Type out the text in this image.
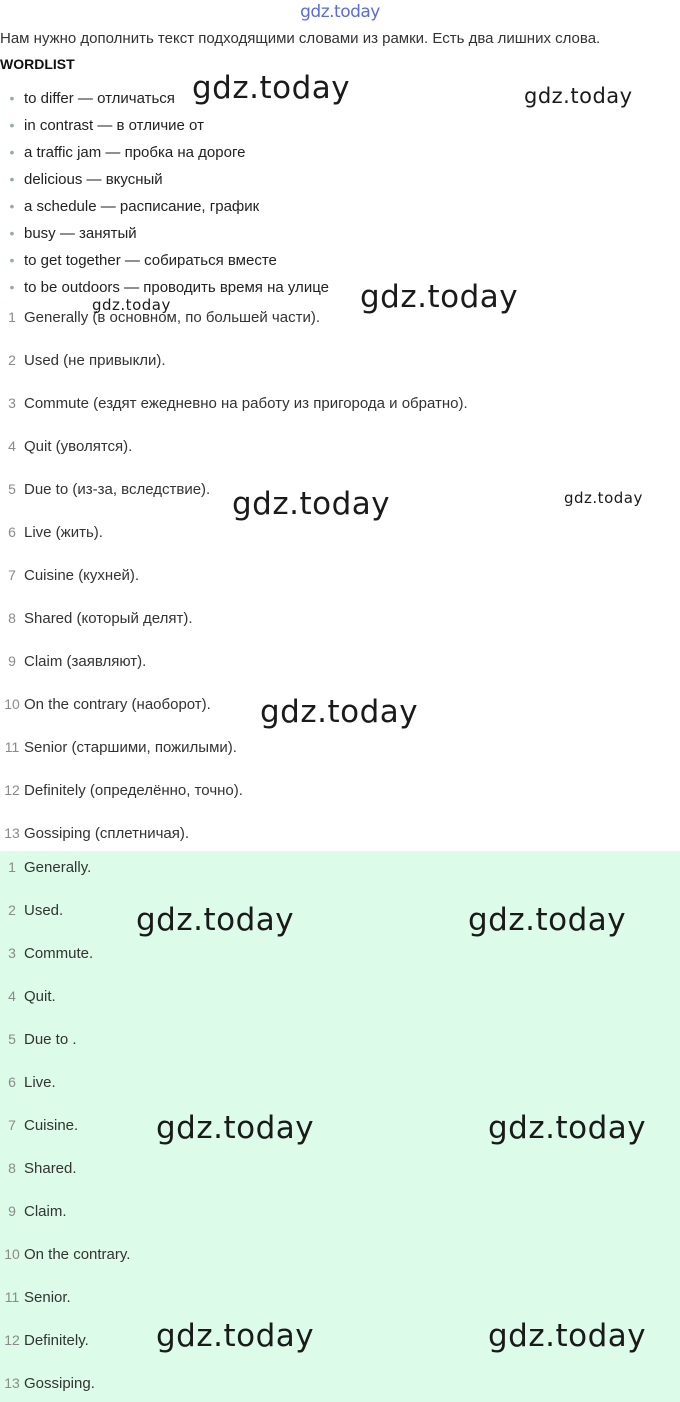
gdz.today
Нам нужно дополнить текст подходящими словами из рамки. Есть два лишних слова.
WORDLIST
• to differ — отличаться
• in contrast — в отличие от
• a traffic jam — пробка на дороге
• delicious — вкусный
• a schedule — расписание, график
• busy — занятый
• to get together — собираться вместе
• to be outdoors — проводить время на улице
1 Generally (в основном, по большей части).
2 Used (не привыкли).
3 Commute (ездят ежедневно на работу из пригорода и обратно).
4 Quit (уволятся).
5 Due to (из-за, вследствие).
6 Live (жить).
7 Cuisine (кухней).
8 Shared (который делят).
9 Claim (заявляют).
10 On the contrary (наоборот).
11 Senior (старшими, пожилыми).
12 Definitely (определённо, точно).
13 Gossiping (сплетничая).
1 Generally.
2 Used.
3 Commute.
4 Quit.
5 Due to .
6 Live.
7 Cuisine.
8 Shared.
9 Claim.
10 On the contrary.
11 Senior.
12 Definitely.
13 Gossiping.
gdz.today	gdz.today
gdz.today
gdz.today
gdz.today	gdz.today
gdz.today
gdz.today	gdz.today
gdz.today	gdz.today
gdz.today	gdz.today
